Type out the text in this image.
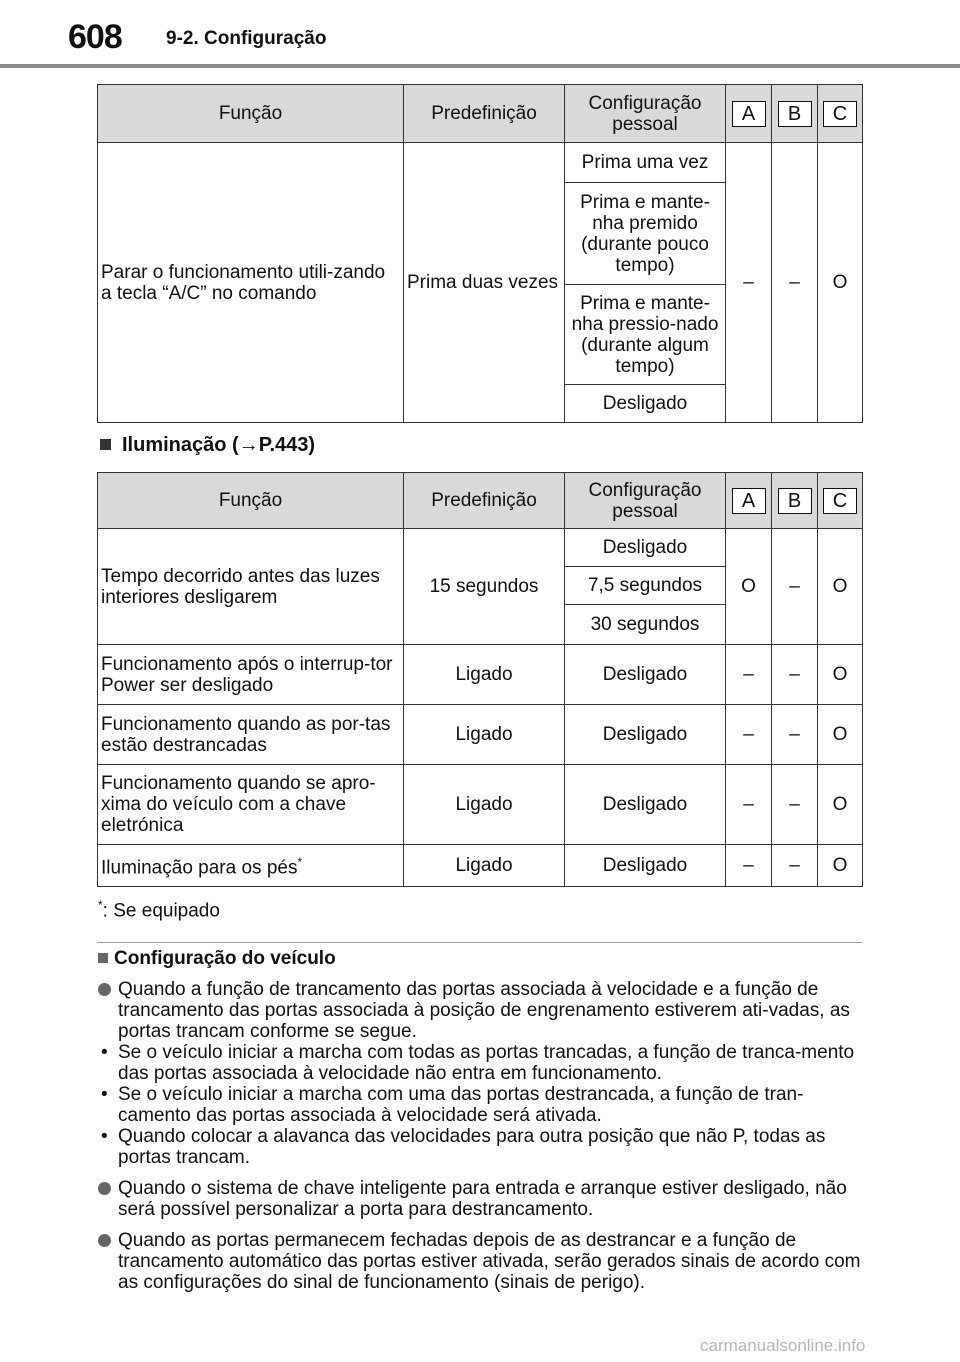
608 9-2. Configuração
Função	Predefinição	Configuração pessoal	A	B	C
Parar o funcionamento utili-zando a tecla “A/C” no comando	Prima duas vezes	Prima uma vez	–	–	O
		Prima e mante-nha premido (durante pouco tempo)			
		Prima e mante-nha pressio-nado (durante algum tempo)			
		Desligado			
Iluminação (→P.443)
Função	Predefinição	Configuração pessoal	A	B	C
Tempo decorrido antes das luzes interiores desligarem	15 segundos	Desligado	O	–	O
		7,5 segundos			
		30 segundos			
Funcionamento após o interrup-tor Power ser desligado	Ligado	Desligado	–	–	O
Funcionamento quando as por-tas estão destrancadas	Ligado	Desligado	–	–	O
Funcionamento quando se apro-xima do veículo com a chave eletrónica	Ligado	Desligado	–	–	O
Iluminação para os pés*	Ligado	Desligado	–	–	O
*: Se equipado
Configuração do veículo
Quando a função de trancamento das portas associada à velocidade e a função de trancamento das portas associada à posição de engrenamento estiverem ati-vadas, as portas trancam conforme se segue.
• Se o veículo iniciar a marcha com todas as portas trancadas, a função de tranca-mento das portas associada à velocidade não entra em funcionamento.
• Se o veículo iniciar a marcha com uma das portas destrancada, a função de tran-camento das portas associada à velocidade será ativada.
• Quando colocar a alavanca das velocidades para outra posição que não P, todas as portas trancam.
Quando o sistema de chave inteligente para entrada e arranque estiver desligado, não será possível personalizar a porta para destrancamento.
Quando as portas permanecem fechadas depois de as destrancar e a função de trancamento automático das portas estiver ativada, serão gerados sinais de acordo com as configurações do sinal de funcionamento (sinais de perigo).
carmanualsonline.info
